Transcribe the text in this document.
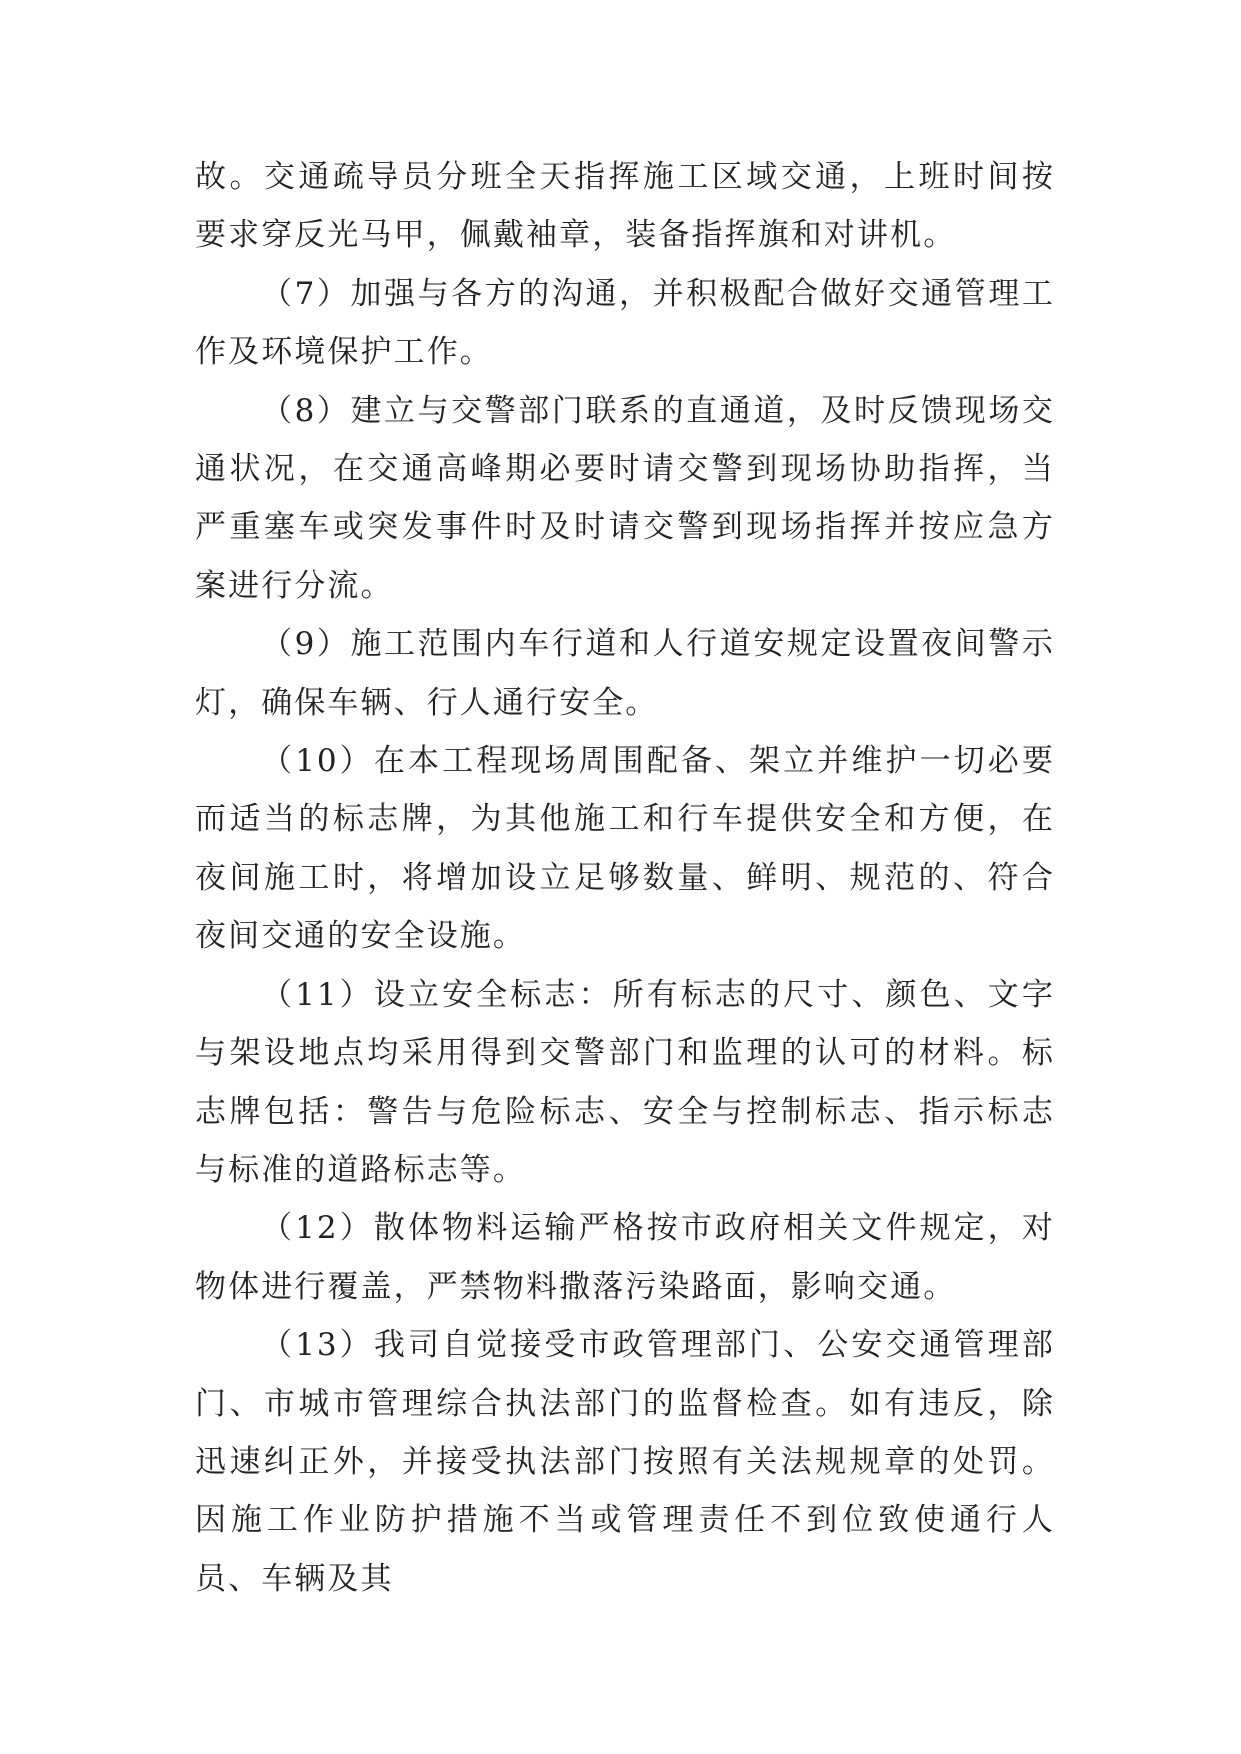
故。交通疏导员分班全天指挥施工区域交通，上班时间按要求穿反光马甲，佩戴袖章，装备指挥旗和对讲机。

（7）加强与各方的沟通，并积极配合做好交通管理工作及环境保护工作。

（8）建立与交警部门联系的直通道，及时反馈现场交通状况，在交通高峰期必要时请交警到现场协助指挥，当严重塞车或突发事件时及时请交警到现场指挥并按应急方案进行分流。

（9）施工范围内车行道和人行道安规定设置夜间警示灯，确保车辆、行人通行安全。

（10）在本工程现场周围配备、架立并维护一切必要而适当的标志牌，为其他施工和行车提供安全和方便，在夜间施工时，将增加设立足够数量、鲜明、规范的、符合夜间交通的安全设施。

（11）设立安全标志：所有标志的尺寸、颜色、文字与架设地点均采用得到交警部门和监理的认可的材料。标志牌包括：警告与危险标志、安全与控制标志、指示标志与标准的道路标志等。

（12）散体物料运输严格按市政府相关文件规定，对物体进行覆盖，严禁物料撒落污染路面，影响交通。

（13）我司自觉接受市政管理部门、公安交通管理部门、市城市管理综合执法部门的监督检查。如有违反，除迅速纠正外，并接受执法部门按照有关法规规章的处罚。因施工作业防护措施不当或管理责任不到位致使通行人员、车辆及其
